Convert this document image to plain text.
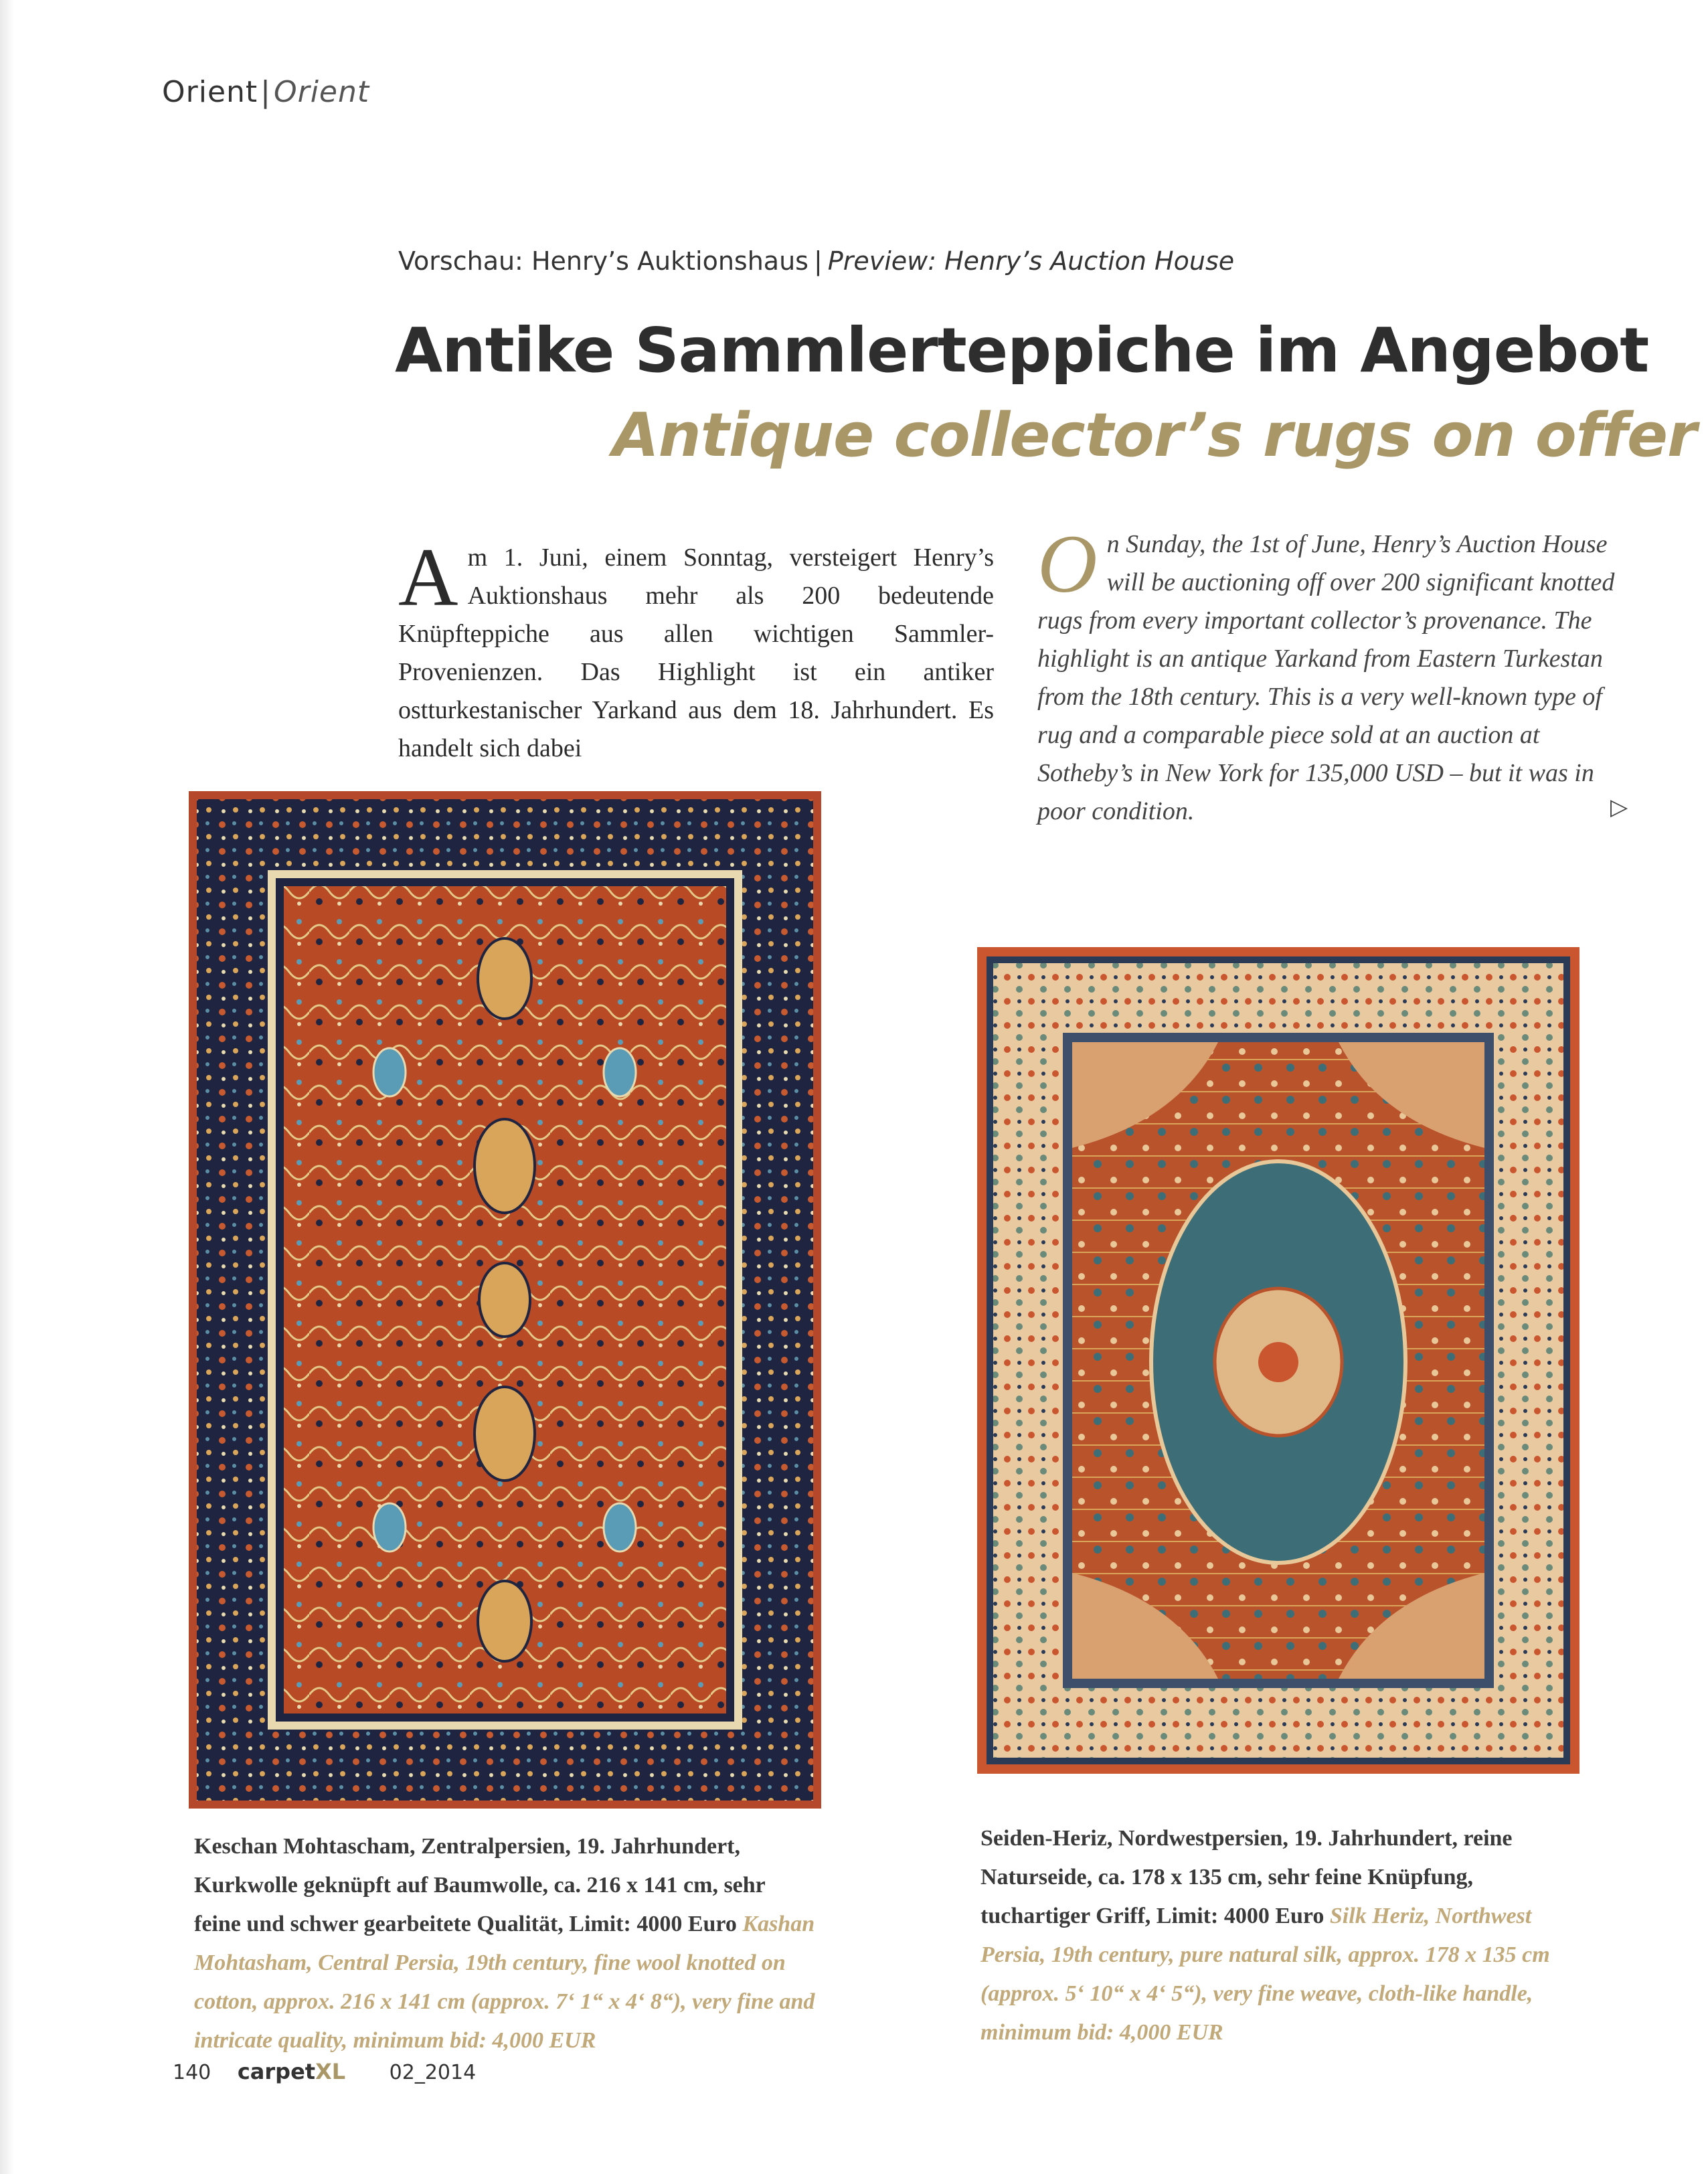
Orient|Orient
Vorschau: Henry’s Auktionshaus | Preview: Henry’s Auction House
Antike Sammlerteppiche im Angebot
Antique collector’s rugs on offer
Am 1. Juni, einem Sonntag, versteigert Henry’s Auktionshaus mehr als 200 bedeutende Knüpfteppiche aus allen wichtigen Sammler-Provenienzen. Das Highlight ist ein antiker ostturkestanischer Yarkand aus dem 18. Jahrhundert. Es handelt sich dabei
On Sunday, the 1st of June, Henry’s Auction House will be auctioning off over 200 significant knotted rugs from every important collector’s provenance. The highlight is an antique Yarkand from Eastern Turkestan from the 18th century. This is a very well-known type of rug and a comparable piece sold at an auction at Sotheby’s in New York for 135,000 USD – but it was in poor condition.	▷
Keschan Mohtascham, Zentralpersien, 19. Jahrhundert, Kurkwolle geknüpft auf Baumwolle, ca. 216 x 141 cm, sehr feine und schwer gearbeitete Qualität, Limit: 4000 Euro Kashan Mohtasham, Central Persia, 19th century, fine wool knotted on cotton, approx. 216 x 141 cm (approx. 7‘ 1“ x 4‘ 8“), very fine and intricate quality, minimum bid: 4,000 EUR
Seiden-Heriz, Nordwestpersien, 19. Jahrhundert, reine Naturseide, ca. 178 x 135 cm, sehr feine Knüpfung, tuchartiger Griff, Limit: 4000 Euro Silk Heriz, Northwest Persia, 19th century, pure natural silk, approx. 178 x 135 cm (approx. 5‘ 10“ x 4‘ 5“), very fine weave, cloth-like handle, minimum bid: 4,000 EUR
140 carpetXL 02_2014
